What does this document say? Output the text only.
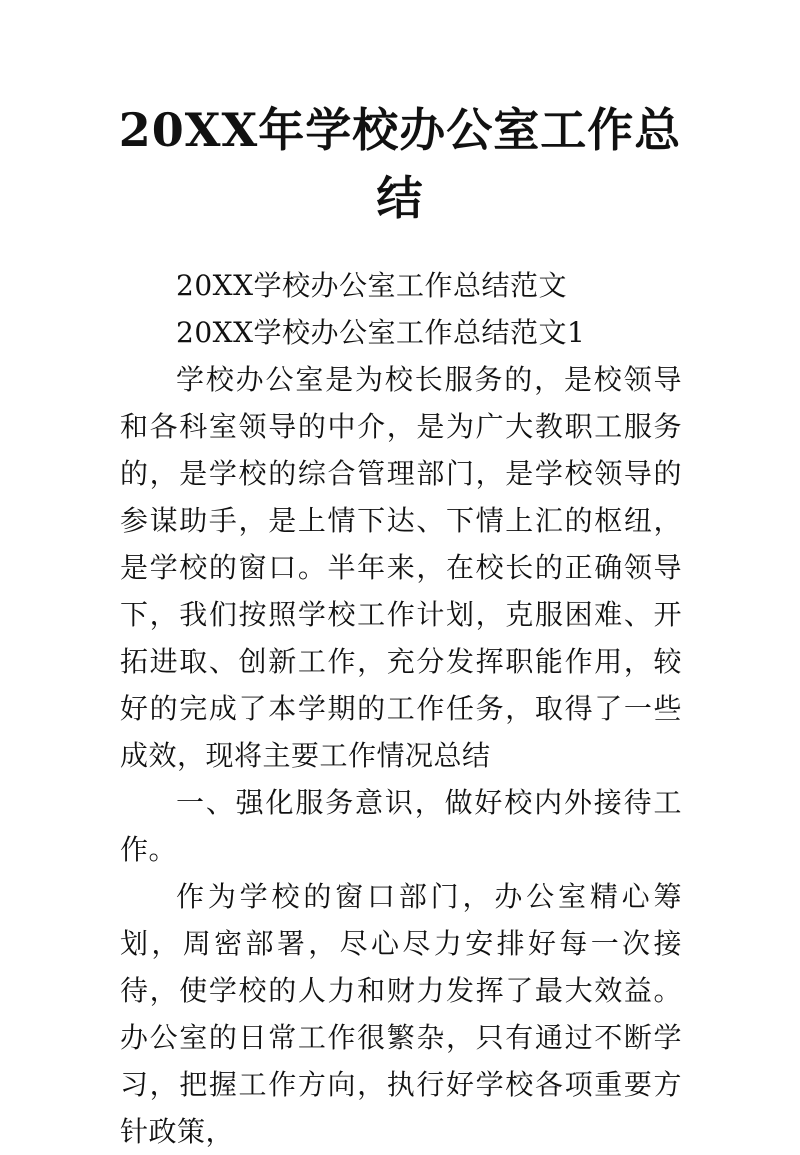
20XX年学校办公室工作总
结

20XX学校办公室工作总结范文

20XX学校办公室工作总结范文1

学校办公室是为校长服务的，是校领导和各科室领导的中介，是为广大教职工服务的，是学校的综合管理部门，是学校领导的参谋助手，是上情下达、下情上汇的枢纽，是学校的窗口。半年来，在校长的正确领导下，我们按照学校工作计划，克服困难、开拓进取、创新工作，充分发挥职能作用，较好的完成了本学期的工作任务，取得了一些成效，现将主要工作情况总结

一、强化服务意识，做好校内外接待工作。

作为学校的窗口部门，办公室精心筹划，周密部署，尽心尽力安排好每一次接待，使学校的人力和财力发挥了最大效益。办公室的日常工作很繁杂，只有通过不断学习，把握工作方向，执行好学校各项重要方针政策，
